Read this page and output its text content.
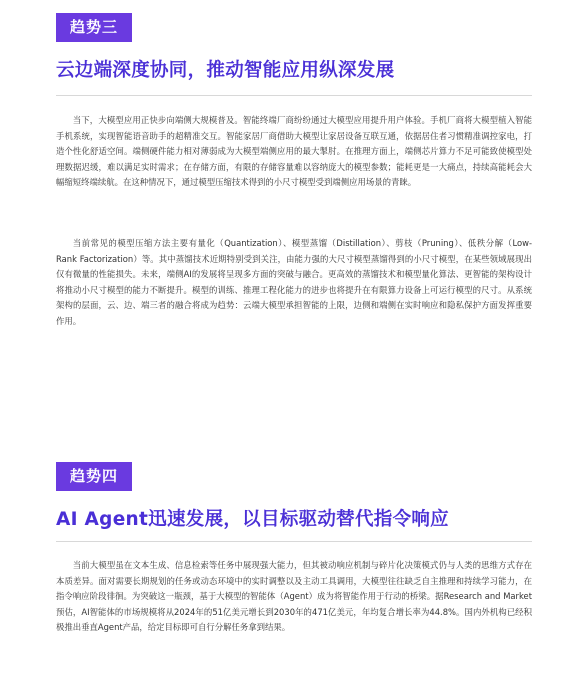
趋势三
云边端深度协同，推动智能应用纵深发展

当下，大模型应用正快步向端侧大规模普及。智能终端厂商纷纷通过大模型应用提升用户体验。手机厂商将大模型植入智能手机系统，实现智能语音助手的超精准交互。智能家居厂商借助大模型让家居设备互联互通，依据居住者习惯精准调控家电，打造个性化舒适空间。端侧硬件能力相对薄弱成为大模型端侧应用的最大掣肘。在推理方面上，端侧芯片算力不足可能致使模型处理数据迟缓，难以满足实时需求；在存储方面，有限的存储容量难以容纳庞大的模型参数；能耗更是一大痛点，持续高能耗会大幅缩短终端续航。在这种情况下，通过模型压缩技术得到的小尺寸模型受到端侧应用场景的青睐。

当前常见的模型压缩方法主要有量化（Quantization）、模型蒸馏（Distillation）、剪枝（Pruning）、低秩分解（Low-Rank Factorization）等。其中蒸馏技术近期特别受到关注，由能力强的大尺寸模型蒸馏得到的小尺寸模型，在某些领域展现出仅有微量的性能损失。未来，端侧AI的发展将呈现多方面的突破与融合。更高效的蒸馏技术和模型量化算法、更智能的架构设计将推动小尺寸模型的能力不断提升。模型的训练、推理工程化能力的进步也将提升在有限算力设备上可运行模型的尺寸。从系统架构的层面，云、边、端三者的融合将成为趋势：云端大模型承担智能的上限，边侧和端侧在实时响应和隐私保护方面发挥重要作用。

趋势四
AI Agent迅速发展，以目标驱动替代指令响应

当前大模型虽在文本生成、信息检索等任务中展现强大能力，但其被动响应机制与碎片化决策模式仍与人类的思维方式存在本质差异。面对需要长期规划的任务或动态环境中的实时调整以及主动工具调用，大模型往往缺乏自主推理和持续学习能力，在指令响应阶段徘徊。为突破这一瓶颈，基于大模型的智能体（Agent）成为将智能作用于行动的桥梁。据Research and Market预估，AI智能体的市场规模将从2024年的51亿美元增长到2030年的471亿美元，年均复合增长率为44.8%。国内外机构已经积极推出垂直Agent产品，给定目标即可自行分解任务拿到结果。
